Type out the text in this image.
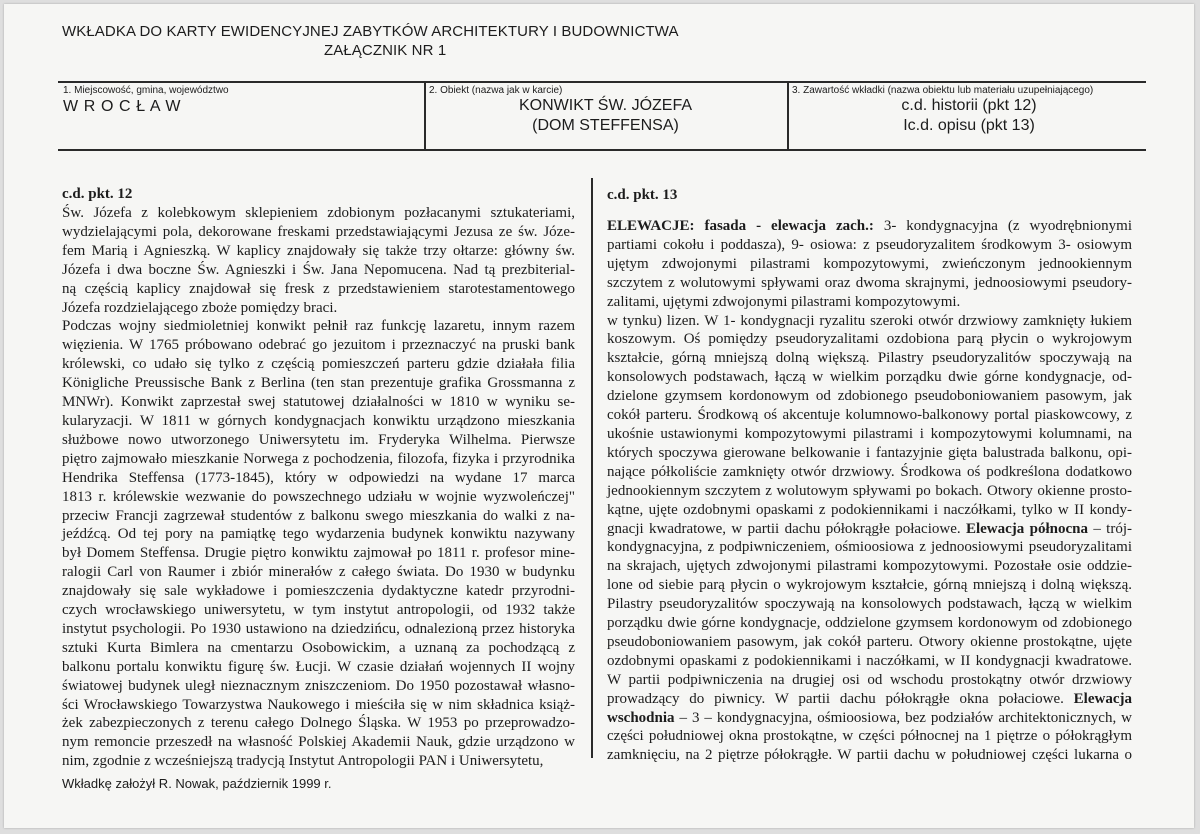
WKŁADKA DO KARTY EWIDENCYJNEJ ZABYTKÓW ARCHITEKTURY I BUDOWNICTWA
ZAŁĄCZNIK NR 1
1. Miejscowość, gmina, województwo
W R O C Ł A W
2. Obiekt (nazwa jak w karcie)
KONWIKT ŚW. JÓZEFA
(DOM STEFFENSA)
3. Zawartość wkładki (nazwa obiektu lub materiału uzupełniającego)
c.d. historii (pkt 12)
Ic.d. opisu (pkt 13)
c.d. pkt. 12
Św. Józefa z kolebkowym sklepieniem zdobionym pozłacanymi sztukateriami,
wydzielającymi pola, dekorowane freskami przedstawiającymi Jezusa ze św. Józe-
fem Marią i Agnieszką. W kaplicy znajdowały się także trzy ołtarze: główny św.
Józefa i dwa boczne Św. Agnieszki i Św. Jana Nepomucena. Nad tą prezbiterial-
ną częścią kaplicy znajdował się fresk z przedstawieniem starotestamentowego
Józefa rozdzielającego zboże pomiędzy braci.
Podczas wojny siedmioletniej konwikt pełnił raz funkcję lazaretu, innym razem
więzienia. W 1765 próbowano odebrać go jezuitom i przeznaczyć na pruski bank
królewski, co udało się tylko z częścią pomieszczeń parteru gdzie działała filia
Königliche Preussische Bank z Berlina (ten stan prezentuje grafika Grossmanna z
MNWr). Konwikt zaprzestał swej statutowej działalności w 1810 w wyniku se-
kularyzacji. W 1811 w górnych kondygnacjach konwiktu urządzono mieszkania
służbowe nowo utworzonego Uniwersytetu im. Fryderyka Wilhelma. Pierwsze
piętro zajmowało mieszkanie Norwega z pochodzenia, filozofa, fizyka i przyrodnika
Hendrika Steffensa (1773-1845), który w odpowiedzi na wydane 17 marca
1813 r. królewskie wezwanie do powszechnego udziału w wojnie wyzwoleńczej"
przeciw Francji zagrzewał studentów z balkonu swego mieszkania do walki z na-
jeźdźcą. Od tej pory na pamiątkę tego wydarzenia budynek konwiktu nazywany
był Domem Steffensa. Drugie piętro konwiktu zajmował po 1811 r. profesor mine-
ralogii Carl von Raumer i zbiór minerałów z całego świata. Do 1930 w budynku
znajdowały się sale wykładowe i pomieszczenia dydaktyczne katedr przyrodni-
czych wrocławskiego uniwersytetu, w tym instytut antropologii, od 1932 także
instytut psychologii. Po 1930 ustawiono na dziedzińcu, odnalezioną przez historyka
sztuki Kurta Bimlera na cmentarzu Osobowickim, a uznaną za pochodzącą z
balkonu portalu konwiktu figurę św. Łucji. W czasie działań wojennych II wojny
światowej budynek uległ nieznacznym zniszczeniom. Do 1950 pozostawał własno-
ści Wrocławskiego Towarzystwa Naukowego i mieściła się w nim składnica książ-
żek zabezpieczonych z terenu całego Dolnego Śląska. W 1953 po przeprowadzo-
nym remoncie przeszedł na własność Polskiej Akademii Nauk, gdzie urządzono w
nim, zgodnie z wcześniejszą tradycją Instytut Antropologii PAN i Uniwersytetu,
c.d. pkt. 13
ELEWACJE: fasada - elewacja zach.: 3- kondygnacyjna (z wyodrębnionymi
partiami cokołu i poddasza), 9- osiowa: z pseudoryzalitem środkowym 3- osiowym
ujętym zdwojonymi pilastrami kompozytowymi, zwieńczonym jednookiennym
szczytem z wolutowymi spływami oraz dwoma skrajnymi, jednoosiowymi pseudory-
zalitami, ujętymi zdwojonymi pilastrami kompozytowymi.
w tynku) lizen. W 1- kondygnacji ryzalitu szeroki otwór drzwiowy zamknięty łukiem
koszowym. Oś pomiędzy pseudoryzalitami ozdobiona parą płycin o wykrojowym
kształcie, górną mniejszą dolną większą. Pilastry pseudoryzalitów spoczywają na
konsolowych podstawach, łączą w wielkim porządku dwie górne kondygnacje, od-
dzielone gzymsem kordonowym od zdobionego pseudoboniowaniem pasowym, jak
cokół parteru. Środkową oś akcentuje kolumnowo-balkonowy portal piaskowcowy, z
ukośnie ustawionymi kompozytowymi pilastrami i kompozytowymi kolumnami, na
których spoczywa gierowane belkowanie i fantazyjnie gięta balustrada balkonu, opi-
nające półkoliście zamknięty otwór drzwiowy. Środkowa oś podkreślona dodatkowo
jednookiennym szczytem z wolutowym spływami po bokach. Otwory okienne prosto-
kątne, ujęte ozdobnymi opaskami z podokiennikami i naczółkami, tylko w II kondy-
gnacji kwadratowe, w partii dachu półokrągłe połaciowe. Elewacja północna – trój-
kondygnacyjna, z podpiwniczeniem, ośmioosiowa z jednoosiowymi pseudoryzalitami
na skrajach, ujętych zdwojonymi pilastrami kompozytowymi. Pozostałe osie oddzie-
lone od siebie parą płycin o wykrojowym kształcie, górną mniejszą i dolną większą.
Pilastry pseudoryzalitów spoczywają na konsolowych podstawach, łączą w wielkim
porządku dwie górne kondygnacje, oddzielone gzymsem kordonowym od zdobionego
pseudoboniowaniem pasowym, jak cokół parteru. Otwory okienne prostokątne, ujęte
ozdobnymi opaskami z podokiennikami i naczółkami, w II kondygnacji kwadratowe.
W partii podpiwniczenia na drugiej osi od wschodu prostokątny otwór drzwiowy
prowadzący do piwnicy. W partii dachu półokrągłe okna połaciowe. Elewacja
wschodnia – 3 – kondygnacyjna, ośmioosiowa, bez podziałów architektonicznych, w
części południowej okna prostokątne, w części północnej na 1 piętrze o półokrągłym
zamknięciu, na 2 piętrze półokrągłe. W partii dachu w południowej części lukarna o
Wkładkę założył R. Nowak, październik 1999 r.
